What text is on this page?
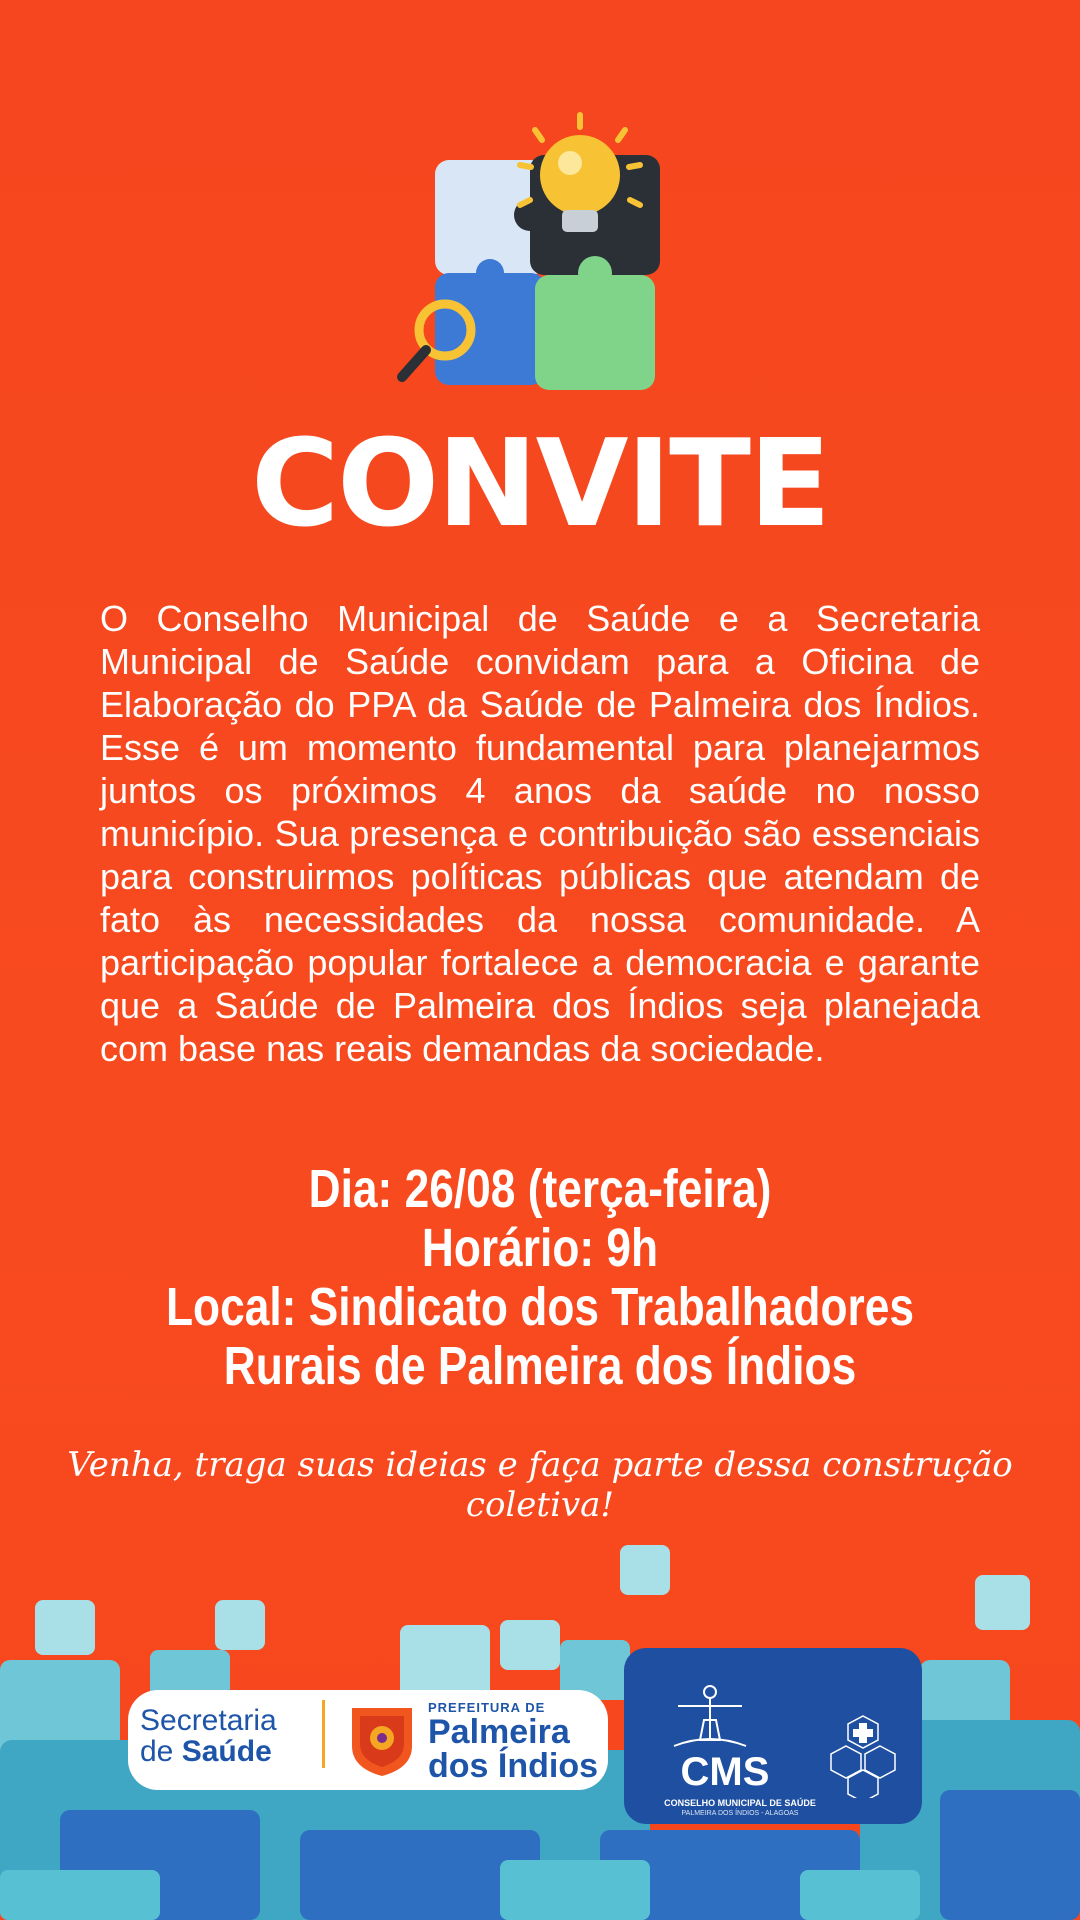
CONVITE

O Conselho Municipal de Saúde e a Secretaria Municipal de Saúde convidam para a Oficina de Elaboração do PPA da Saúde de Palmeira dos Índios. Esse é um momento fundamental para planejarmos juntos os próximos 4 anos da saúde no nosso município. Sua presença e contribuição são essenciais para construirmos políticas públicas que atendam de fato às necessidades da nossa comunidade. A participação popular fortalece a democracia e garante que a Saúde de Palmeira dos Índios seja planejada com base nas reais demandas da sociedade.

Dia: 26/08 (terça-feira)
Horário: 9h
Local: Sindicato dos Trabalhadores
Rurais de Palmeira dos Índios
Venha, traga suas ideias e faça parte dessa construção coletiva!
Secretaria
de Saúde
PREFEITURA DE
Palmeira
dos Índios	CMS
CONSELHO MUNICIPAL DE SAÚDE
PALMEIRA DOS ÍNDIOS - ALAGOAS
